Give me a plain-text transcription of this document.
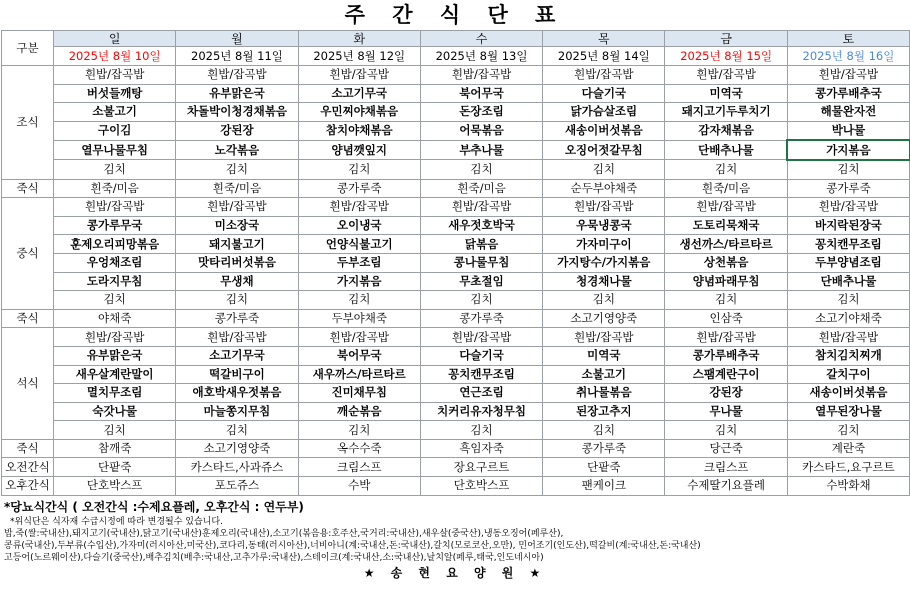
주 간 식 단 표
구분	일	월	화	수	목	금	토
	2025년 8월 10일	2025년 8월 11일	2025년 8월 12일	2025년 8월 13일	2025년 8월 14일	2025년 8월 15일	2025년 8월 16일
조식	흰밥/잡곡밥	흰밥/잡곡밥	흰밥/잡곡밥	흰밥/잡곡밥	흰밥/잡곡밥	흰밥/잡곡밥	흰밥/잡곡밥
	버섯들깨탕	유부맑은국	소고기무국	북어무국	다슬기국	미역국	콩가루배추국
	소불고기	차돌박이청경채볶음	우민찌야채볶음	돈장조림	닭가슴살조림	돼지고기두루치기	해물완자전
	구이김	강된장	참치야채볶음	어묵볶음	새송이버섯볶음	감자채볶음	박나물
	열무나물무침	노각볶음	양념깻잎지	부추나물	오징어젓갈무침	단배추나물	가지볶음
	김치	김치	김치	김치	김치	김치	김치
죽식	흰죽/미음	흰죽/미음	콩가루죽	흰죽/미음	순두부야채죽	흰죽/미음	콩가루죽
중식	흰밥/잡곡밥	흰밥/잡곡밥	흰밥/잡곡밥	흰밥/잡곡밥	흰밥/잡곡밥	흰밥/잡곡밥	흰밥/잡곡밥
	콩가루무국	미소장국	오이냉국	새우젓호박국	우묵냉콩국	도토리묵채국	바지락된장국
	훈제오리피망볶음	돼지불고기	언양식불고기	닭볶음	가자미구이	생선까스/타르타르	꽁치캔무조림
	우엉채조림	맛타리버섯볶음	두부조림	콩나물무침	가지탕수/가지볶음	상천볶음	두부양념조림
	도라지무침	무생채	가지볶음	무초절임	청경채나물	양념파래무침	단배추나물
	김치	김치	김치	김치	김치	김치	김치
죽식	야채죽	콩가루죽	두부야채죽	콩가루죽	소고기영양죽	인삼죽	소고기야채죽
석식	흰밥/잡곡밥	흰밥/잡곡밥	흰밥/잡곡밥	흰밥/잡곡밥	흰밥/잡곡밥	흰밥/잡곡밥	흰밥/잡곡밥
	유부맑은국	소고기무국	북어무국	다슬기국	미역국	콩가루배추국	참치김치찌개
	새우살계란말이	떡갈비구이	새우까스/타르타르	꽁치캔무조림	소불고기	스팸계란구이	갈치구이
	멸치무조림	애호박새우젓볶음	진미채무침	연근조림	취나물볶음	강된장	새송이버섯볶음
	숙갓나물	마늘쫑지무침	깨순볶음	치커리유자청무침	된장고추지	무나물	열무된장나물
	김치	김치	김치	김치	김치	김치	김치
죽식	참깨죽	소고기영양죽	옥수수죽	흑임자죽	콩가루죽	당근죽	계란죽
오전간식	단팥죽	카스타드,사과쥬스	크림스프	장요구르트	단팥죽	크림스프	카스타드,요구르트
오후간식	단호박스프	포도쥬스	수박	단호박스프	팬케이크	수제딸기요플레	수박화채
*당뇨식간식 ( 오전간식 :수제요플레, 오후간식 : 연두부)
*위식단은 식자재 수급시정에 따라 변경될수 있습니다.
밥,죽(쌀:국내산),돼지고기(국내산),닭고기(국내산)훈제오리(국내산),소고기(볶음용:호주산,국거리:국내산),새우살(중국산),냉동오징어(페루산),
콩류(국내산),두부류(수입산),가자미(러시아산,미국산),코다리,동태(러시아산),너비아니(계:국내산,돈:국내산),갈치(모로코산,오만), 민어조기(인도산),떡갈비(계:국내산,돈:국내산)
고등어(노르웨이산),다슬기(중국산),배추김치(배추:국내산,고추가루:국내산),스테이크(계:국내산,소:국내산),날치알(페루,태국,인도네시아)
★ 송 현 요 양 원 ★
